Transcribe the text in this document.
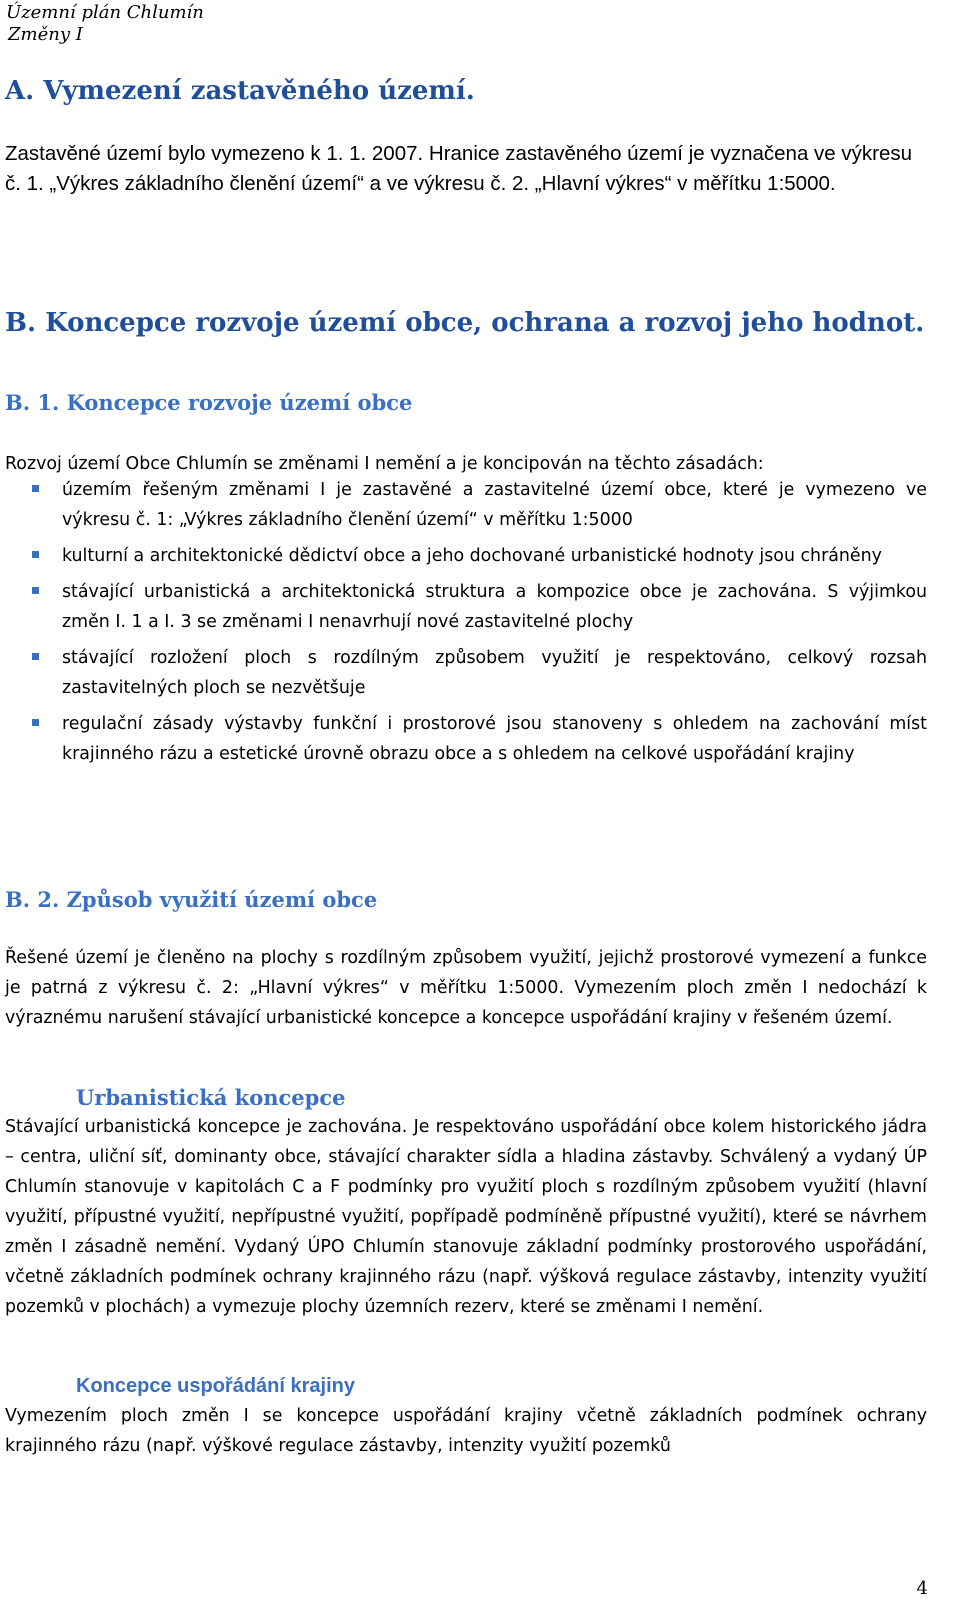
Územní plán Chlumín
Změny I
A. Vymezení zastavěného území.
Zastavěné území bylo vymezeno k 1. 1. 2007. Hranice zastavěného území je vyznačena ve výkresu č. 1. „Výkres základního členění území“ a ve výkresu č. 2. „Hlavní výkres“ v měřítku 1:5000.
B. Koncepce rozvoje území obce, ochrana a rozvoj jeho hodnot.
B. 1. Koncepce rozvoje území obce
Rozvoj území Obce Chlumín se změnami I nemění a je koncipován na těchto zásadách:
územím řešeným změnami I je zastavěné a zastavitelné území obce, které je vymezeno ve výkresu č. 1: „Výkres základního členění území“ v měřítku 1:5000
kulturní a architektonické dědictví obce a jeho dochované urbanistické hodnoty jsou chráněny
stávající urbanistická a architektonická struktura a kompozice obce je zachována. S výjimkou změn I. 1 a I. 3 se změnami I nenavrhují nové zastavitelné plochy
stávající rozložení ploch s rozdílným způsobem využití je respektováno, celkový rozsah zastavitelných ploch se nezvětšuje
regulační zásady výstavby funkční i prostorové jsou stanoveny s ohledem na zachování míst krajinného rázu a estetické úrovně obrazu obce a s ohledem na celkové uspořádání krajiny
B. 2. Způsob využití území obce
Řešené území je členěno na plochy s rozdílným způsobem využití, jejichž prostorové vymezení a funkce je patrná z výkresu č. 2: „Hlavní výkres“ v měřítku 1:5000. Vymezením ploch změn I nedochází k výraznému narušení stávající urbanistické koncepce a koncepce uspořádání krajiny v řešeném území.
Urbanistická koncepce
Stávající urbanistická koncepce je zachována. Je respektováno uspořádání obce kolem historického jádra – centra, uliční síť, dominanty obce, stávající charakter sídla a hladina zástavby. Schválený a vydaný ÚP Chlumín stanovuje v kapitolách C a F podmínky pro využití ploch s rozdílným způsobem využití (hlavní využití, přípustné využití, nepřípustné využití, popřípadě podmíněně přípustné využití), které se návrhem změn I zásadně nemění. Vydaný ÚPO Chlumín stanovuje základní podmínky prostorového uspořádání, včetně základních podmínek ochrany krajinného rázu (např. výšková regulace zástavby, intenzity využití pozemků v plochách) a vymezuje plochy územních rezerv, které se změnami I nemění.
Koncepce uspořádání krajiny
Vymezením ploch změn I se koncepce uspořádání krajiny včetně základních podmínek ochrany krajinného rázu (např. výškové regulace zástavby, intenzity využití pozemků
4
